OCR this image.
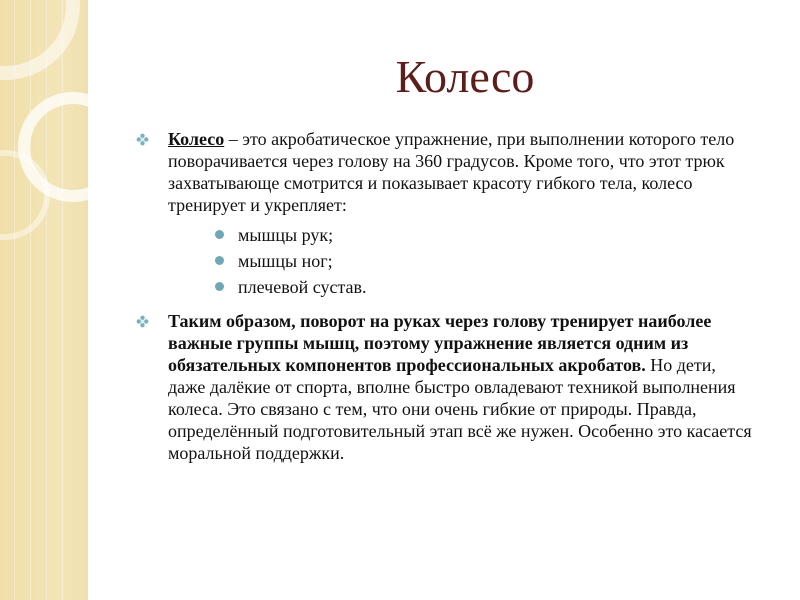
Колесо
Колесо – это акробатическое упражнение, при выполнении которого тело поворачивается через голову на 360 градусов. Кроме того, что этот трюк захватывающе смотрится и показывает красоту гибкого тела, колесо тренирует и укрепляет:
мышцы рук;
мышцы ног;
плечевой сустав.
Таким образом, поворот на руках через голову тренирует наиболее важные группы мышц, поэтому упражнение является одним из обязательных компонентов профессиональных акробатов. Но дети, даже далёкие от спорта, вполне быстро овладевают техникой выполнения колеса. Это связано с тем, что они очень гибкие от природы. Правда, определённый подготовительный этап всё же нужен. Особенно это касается моральной поддержки.
